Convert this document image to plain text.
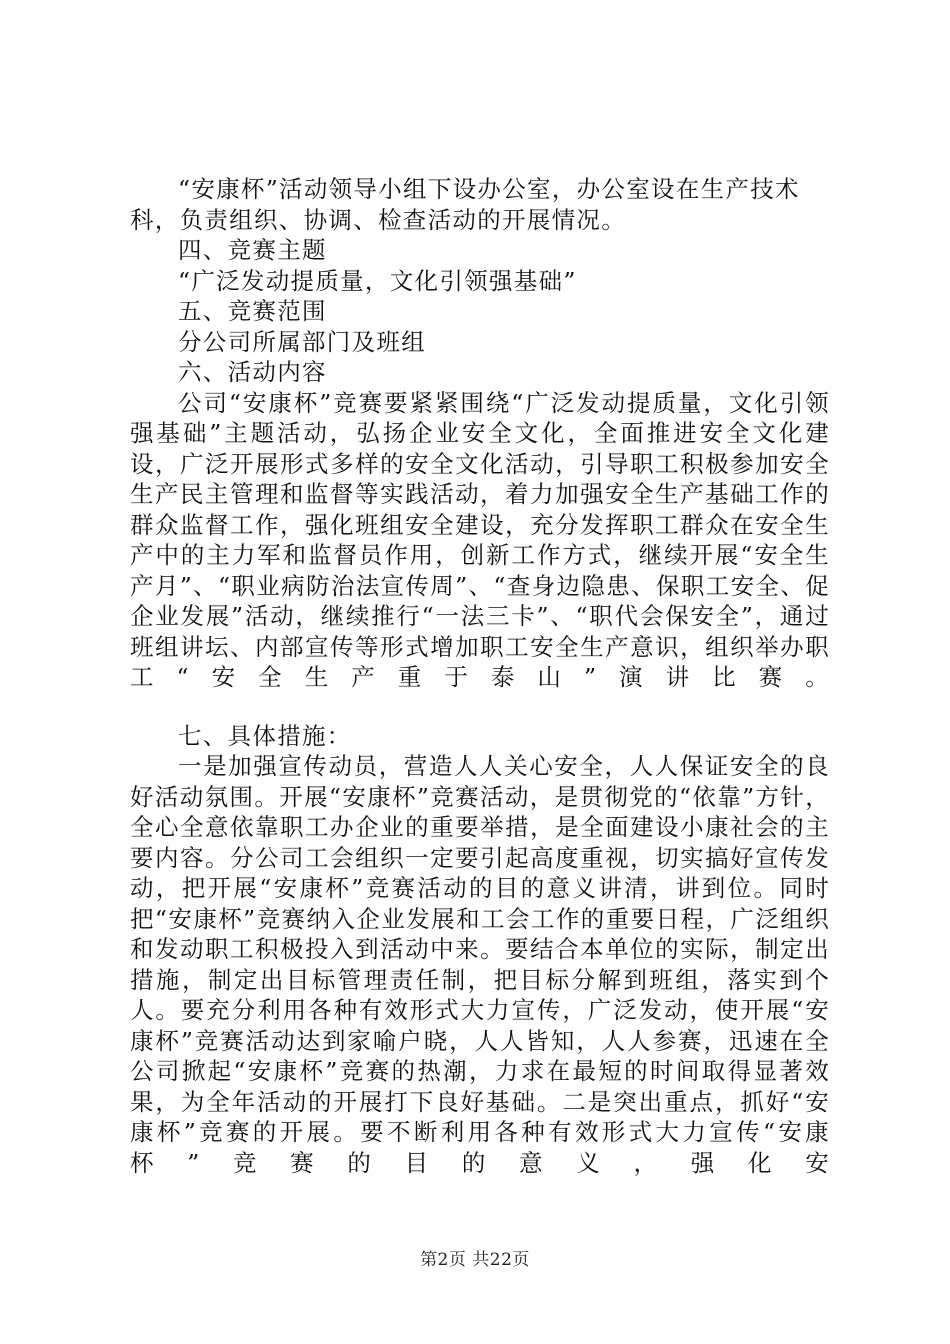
“安康杯”活动领导小组下设办公室，办公室设在生产技术科，负责组织、协调、检查活动的开展情况。

四、竞赛主题

“广泛发动提质量，文化引领强基础”

五、竞赛范围

分公司所属部门及班组

六、活动内容

公司“安康杯”竞赛要紧紧围绕“广泛发动提质量，文化引领强基础”主题活动，弘扬企业安全文化，全面推进安全文化建设，广泛开展形式多样的安全文化活动，引导职工积极参加安全生产民主管理和监督等实践活动，着力加强安全生产基础工作的群众监督工作，强化班组安全建设，充分发挥职工群众在安全生产中的主力军和监督员作用，创新工作方式，继续开展“安全生产月”、“职业病防治法宣传周”、“查身边隐患、保职工安全、促企业发展”活动，继续推行“一法三卡”、“职代会保安全”，通过班组讲坛、内部宣传等形式增加职工安全生产意识，组织举办职工“安全生产重于泰山”演讲比赛。

七、具体措施：

一是加强宣传动员，营造人人关心安全，人人保证安全的良好活动氛围。开展“安康杯”竞赛活动，是贯彻党的“依靠”方针，全心全意依靠职工办企业的重要举措，是全面建设小康社会的主要内容。分公司工会组织一定要引起高度重视，切实搞好宣传发动，把开展“安康杯”竞赛活动的目的意义讲清，讲到位。同时把“安康杯”竞赛纳入企业发展和工会工作的重要日程，广泛组织和发动职工积极投入到活动中来。要结合本单位的实际，制定出措施，制定出目标管理责任制，把目标分解到班组，落实到个人。要充分利用各种有效形式大力宣传，广泛发动，使开展“安康杯”竞赛活动达到家喻户晓，人人皆知，人人参赛，迅速在全公司掀起“安康杯”竞赛的热潮，力求在最短的时间取得显著效果，为全年活动的开展打下良好基础。二是突出重点，抓好“安康杯”竞赛的开展。要不断利用各种有效形式大力宣传“安康杯”竞赛的目的意义，强化安

第2页 共22页
